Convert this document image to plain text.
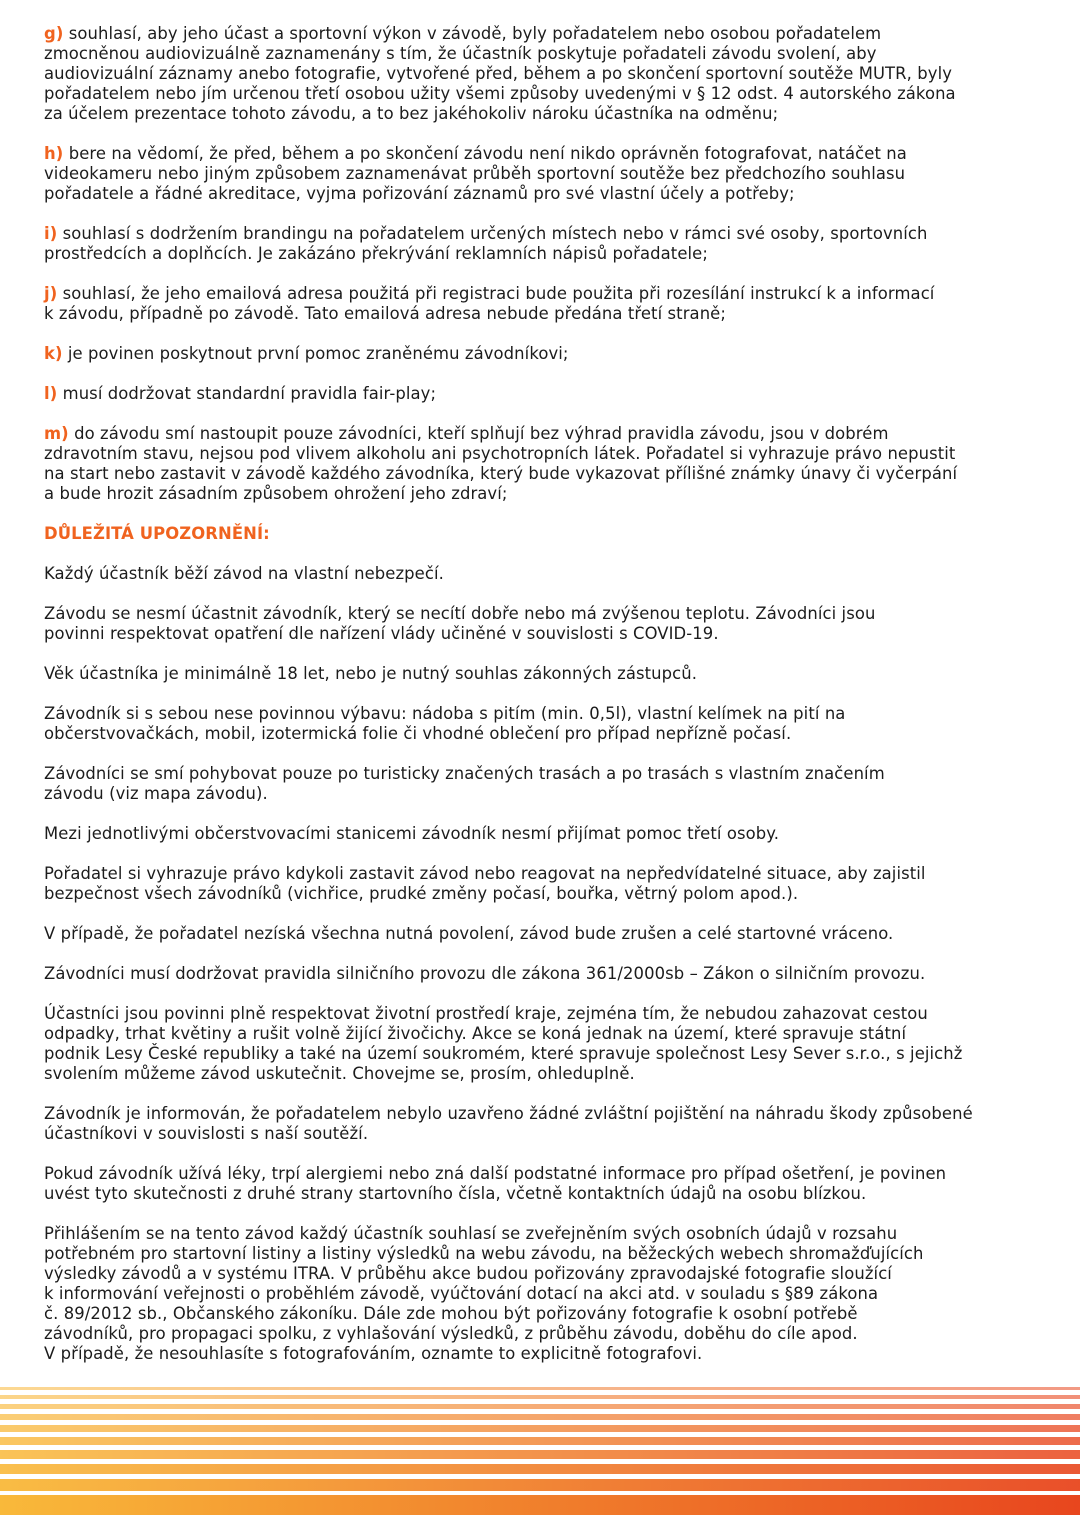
g) souhlasí, aby jeho účast a sportovní výkon v závodě, byly pořadatelem nebo osobou pořadatelem
zmocněnou audiovizuálně zaznamenány s tím, že účastník poskytuje pořadateli závodu svolení, aby
audiovizuální záznamy anebo fotografie, vytvořené před, během a po skončení sportovní soutěže MUTR, byly
pořadatelem nebo jím určenou třetí osobou užity všemi způsoby uvedenými v § 12 odst. 4 autorského zákona
za účelem prezentace tohoto závodu, a to bez jakéhokoliv nároku účastníka na odměnu;
h) bere na vědomí, že před, během a po skončení závodu není nikdo oprávněn fotografovat, natáčet na
videokameru nebo jiným způsobem zaznamenávat průběh sportovní soutěže bez předchozího souhlasu
pořadatele a řádné akreditace, vyjma pořizování záznamů pro své vlastní účely a potřeby;
i) souhlasí s dodržením brandingu na pořadatelem určených místech nebo v rámci své osoby, sportovních
prostředcích a doplňcích. Je zakázáno překrývání reklamních nápisů pořadatele;
j) souhlasí, že jeho emailová adresa použitá při registraci bude použita při rozesílání instrukcí k a informací
k závodu, případně po závodě. Tato emailová adresa nebude předána třetí straně;
k) je povinen poskytnout první pomoc zraněnému závodníkovi;
l) musí dodržovat standardní pravidla fair-play;
m) do závodu smí nastoupit pouze závodníci, kteří splňují bez výhrad pravidla závodu, jsou v dobrém
zdravotním stavu, nejsou pod vlivem alkoholu ani psychotropních látek. Pořadatel si vyhrazuje právo nepustit
na start nebo zastavit v závodě každého závodníka, který bude vykazovat přílišné známky únavy či vyčerpání
a bude hrozit zásadním způsobem ohrožení jeho zdraví;
DŮLEŽITÁ UPOZORNĚNÍ:
Každý účastník běží závod na vlastní nebezpečí.
Závodu se nesmí účastnit závodník, který se necítí dobře nebo má zvýšenou teplotu. Závodníci jsou
povinni respektovat opatření dle nařízení vlády učiněné v souvislosti s COVID-19.
Věk účastníka je minimálně 18 let, nebo je nutný souhlas zákonných zástupců.
Závodník si s sebou nese povinnou výbavu: nádoba s pitím (min. 0,5l), vlastní kelímek na pití na
občerstvovačkách, mobil, izotermická folie či vhodné oblečení pro případ nepřízně počasí.
Závodníci se smí pohybovat pouze po turisticky značených trasách a po trasách s vlastním značením
závodu (viz mapa závodu).
Mezi jednotlivými občerstvovacími stanicemi závodník nesmí přijímat pomoc třetí osoby.
Pořadatel si vyhrazuje právo kdykoli zastavit závod nebo reagovat na nepředvídatelné situace, aby zajistil
bezpečnost všech závodníků (vichřice, prudké změny počasí, bouřka, větrný polom apod.).
V případě, že pořadatel nezíská všechna nutná povolení, závod bude zrušen a celé startovné vráceno.
Závodníci musí dodržovat pravidla silničního provozu dle zákona 361/2000sb – Zákon o silničním provozu.
Účastníci jsou povinni plně respektovat životní prostředí kraje, zejména tím, že nebudou zahazovat cestou
odpadky, trhat květiny a rušit volně žijící živočichy. Akce se koná jednak na území, které spravuje státní
podnik Lesy České republiky a také na území soukromém, které spravuje společnost Lesy Sever s.r.o., s jejichž
svolením můžeme závod uskutečnit. Chovejme se, prosím, ohleduplně.
Závodník je informován, že pořadatelem nebylo uzavřeno žádné zvláštní pojištění na náhradu škody způsobené
účastníkovi v souvislosti s naší soutěží.
Pokud závodník užívá léky, trpí alergiemi nebo zná další podstatné informace pro případ ošetření, je povinen
uvést tyto skutečnosti z druhé strany startovního čísla, včetně kontaktních údajů na osobu blízkou.
Přihlášením se na tento závod každý účastník souhlasí se zveřejněním svých osobních údajů v rozsahu
potřebném pro startovní listiny a listiny výsledků na webu závodu, na běžeckých webech shromažďujících
výsledky závodů a v systému ITRA. V průběhu akce budou pořizovány zpravodajské fotografie sloužící
k informování veřejnosti o proběhlém závodě, vyúčtování dotací na akci atd. v souladu s §89 zákona
č. 89/2012 sb., Občanského zákoníku. Dále zde mohou být pořizovány fotografie k osobní potřebě
závodníků, pro propagaci spolku, z vyhlašování výsledků, z průběhu závodu, doběhu do cíle apod.
V případě, že nesouhlasíte s fotografováním, oznamte to explicitně fotografovi.
